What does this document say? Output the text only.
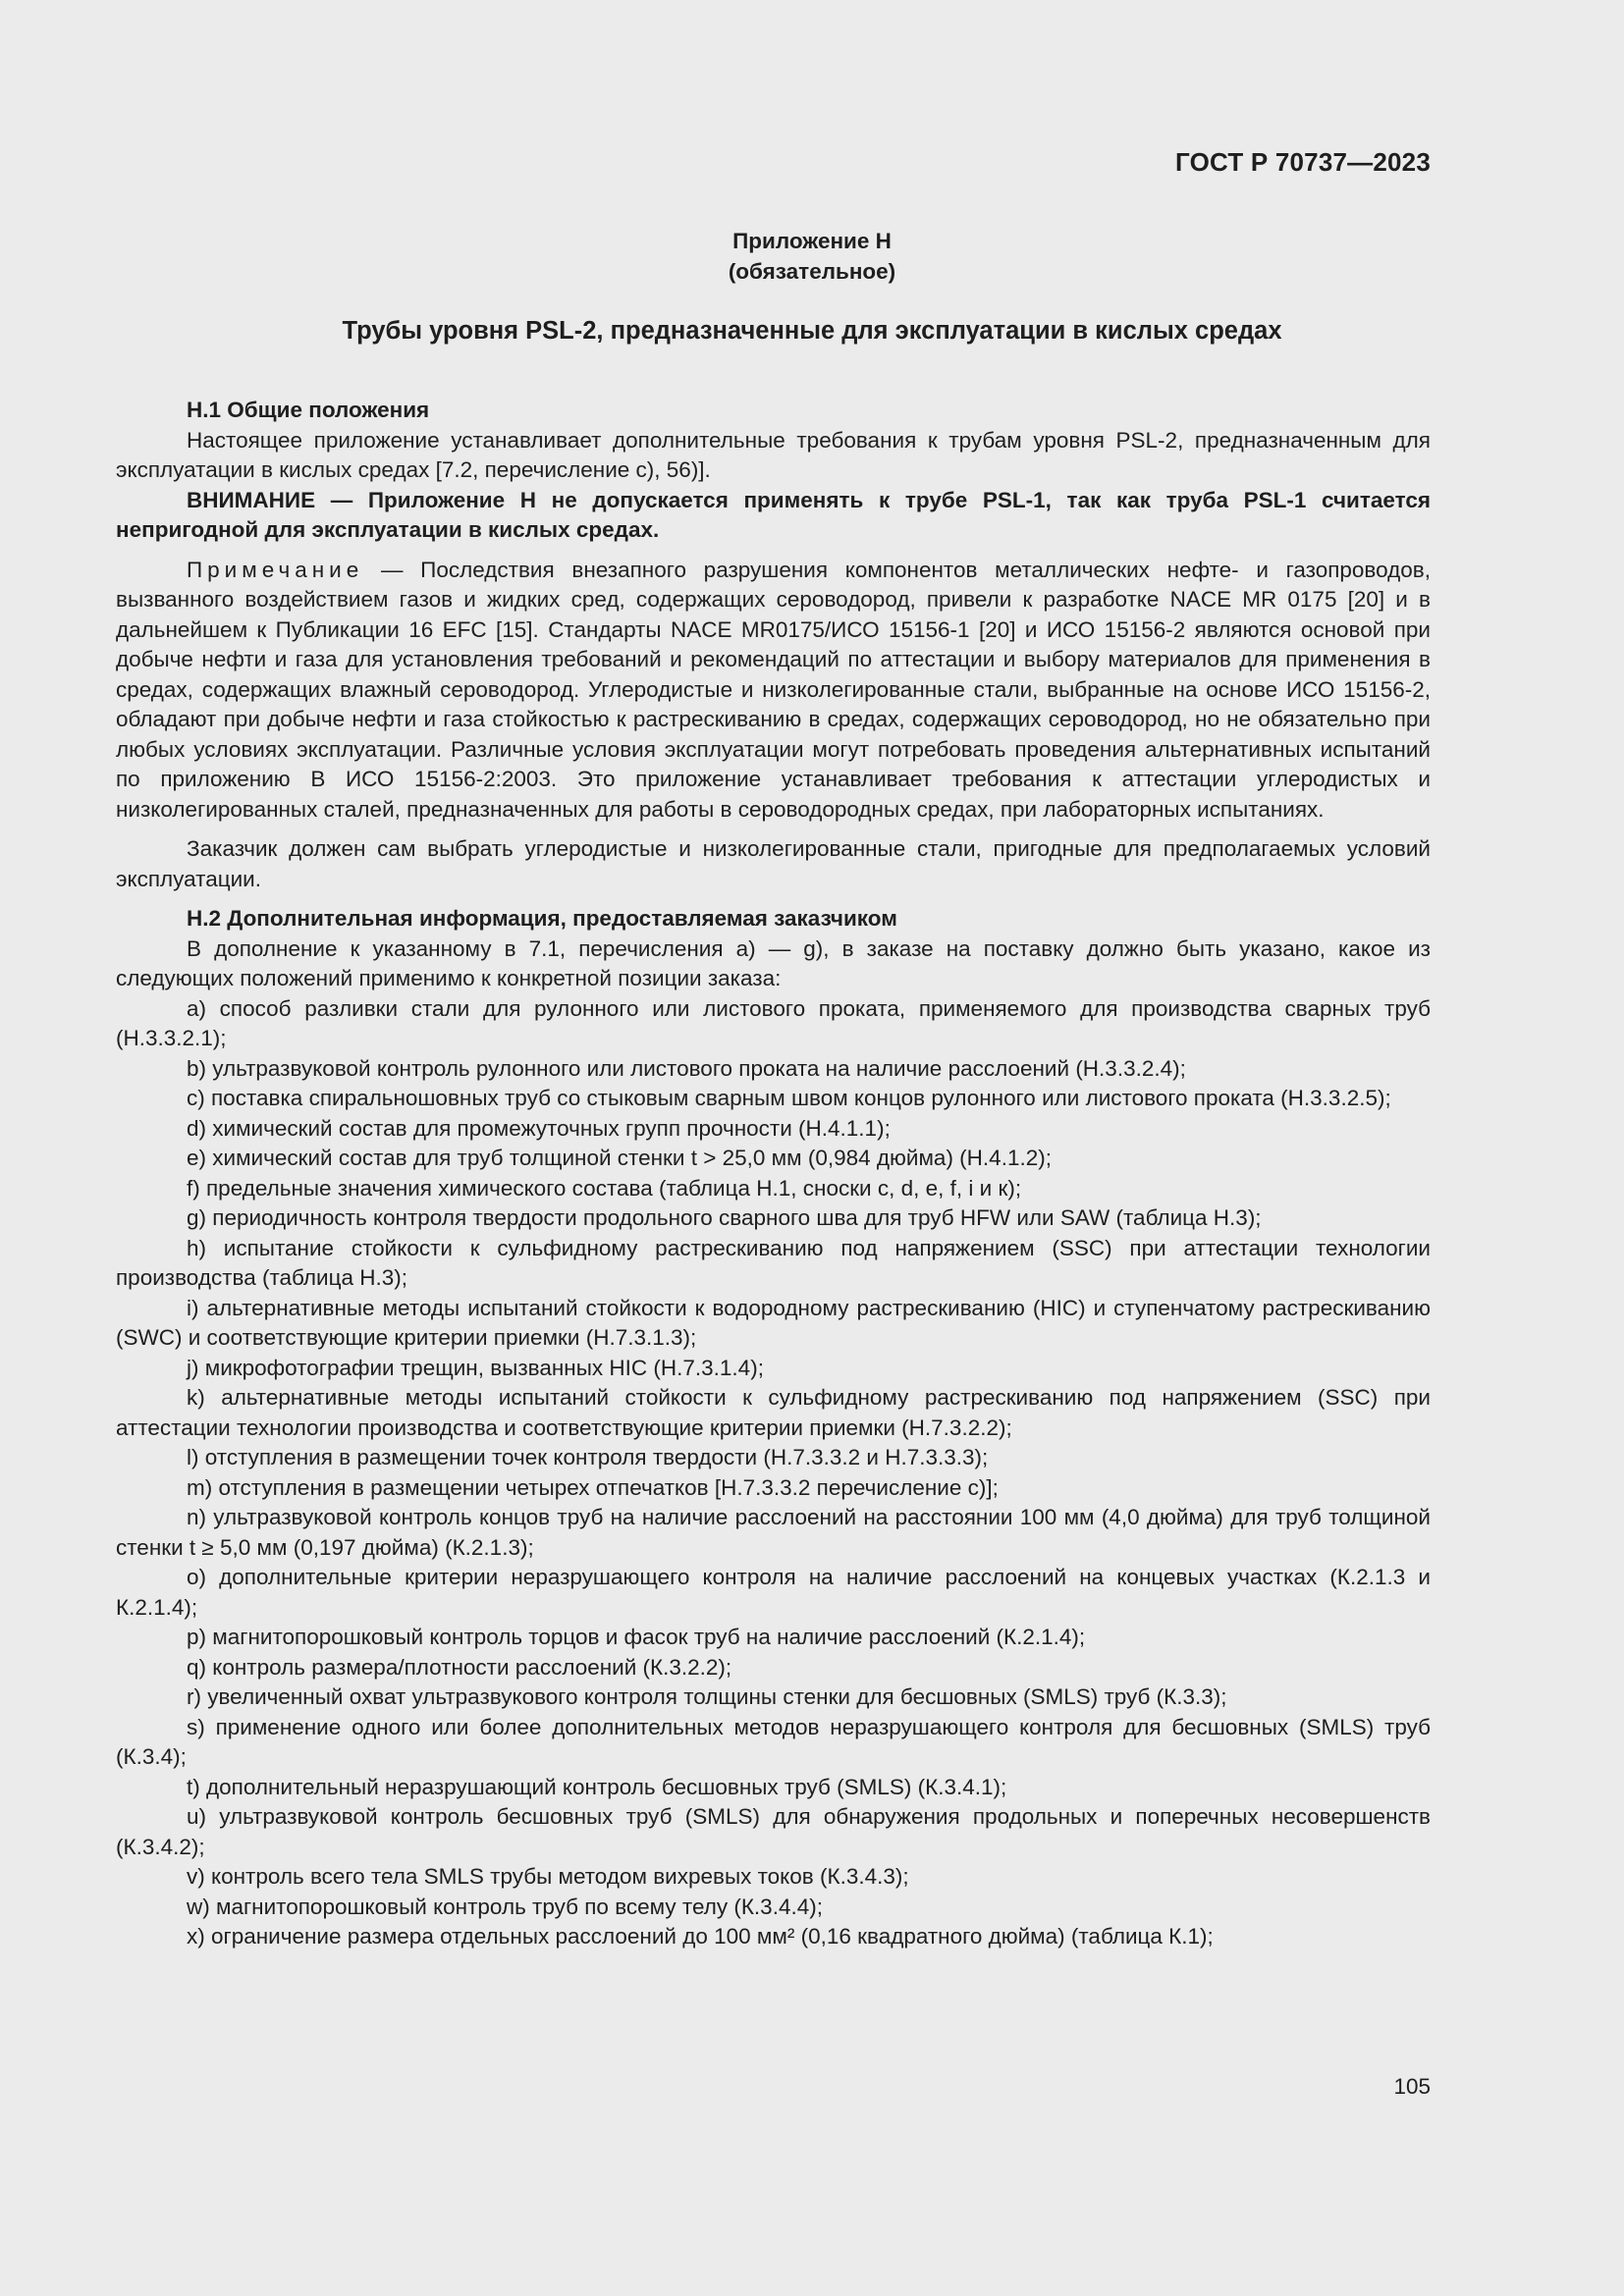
ГОСТ Р 70737—2023
Приложение Н
(обязательное)
Трубы уровня PSL-2, предназначенные для эксплуатации в кислых средах
Н.1 Общие положения

Настоящее приложение устанавливает дополнительные требования к трубам уровня PSL-2, предназначенным для эксплуатации в кислых средах [7.2, перечисление с), 56)].

ВНИМАНИЕ — Приложение Н не допускается применять к трубе PSL-1, так как труба PSL-1 считается непригодной для эксплуатации в кислых средах.

Примечание — Последствия внезапного разрушения компонентов металлических нефте- и газопроводов, вызванного воздействием газов и жидких сред, содержащих сероводород, привели к разработке NACE MR 0175 [20] и в дальнейшем к Публикации 16 EFC [15]. Стандарты NACE MR0175/ИСО 15156-1 [20] и ИСО 15156-2 являются основой при добыче нефти и газа для установления требований и рекомендаций по аттестации и выбору материалов для применения в средах, содержащих влажный сероводород. Углеродистые и низколегированные стали, выбранные на основе ИСО 15156-2, обладают при добыче нефти и газа стойкостью к растрескиванию в средах, содержащих сероводород, но не обязательно при любых условиях эксплуатации. Различные условия эксплуатации могут потребовать проведения альтернативных испытаний по приложению В ИСО 15156-2:2003. Это приложение устанавливает требования к аттестации углеродистых и низколегированных сталей, предназначенных для работы в сероводородных средах, при лабораторных испытаниях.

Заказчик должен сам выбрать углеродистые и низколегированные стали, пригодные для предполагаемых условий эксплуатации.

Н.2 Дополнительная информация, предоставляемая заказчиком

В дополнение к указанному в 7.1, перечисления а) — g), в заказе на поставку должно быть указано, какое из следующих положений применимо к конкретной позиции заказа:

a) способ разливки стали для рулонного или листового проката, применяемого для производства сварных труб (Н.3.3.2.1);

b) ультразвуковой контроль рулонного или листового проката на наличие расслоений (Н.3.3.2.4);

c) поставка спиральношовных труб со стыковым сварным швом концов рулонного или листового проката (Н.3.3.2.5);

d) химический состав для промежуточных групп прочности (Н.4.1.1);

e) химический состав для труб толщиной стенки t > 25,0 мм (0,984 дюйма) (Н.4.1.2);

f) предельные значения химического состава (таблица Н.1, сноски с, d, е, f, i и к);

g) периодичность контроля твердости продольного сварного шва для труб HFW или SAW (таблица Н.3);

h) испытание стойкости к сульфидному растрескиванию под напряжением (SSC) при аттестации технологии производства (таблица Н.3);

i) альтернативные методы испытаний стойкости к водородному растрескиванию (HIC) и ступенчатому растрескиванию (SWC) и соответствующие критерии приемки (Н.7.3.1.3);

j) микрофотографии трещин, вызванных HIC (Н.7.3.1.4);

k) альтернативные методы испытаний стойкости к сульфидному растрескиванию под напряжением (SSC) при аттестации технологии производства и соответствующие критерии приемки (Н.7.3.2.2);

l) отступления в размещении точек контроля твердости (Н.7.3.3.2 и Н.7.3.3.3);

m) отступления в размещении четырех отпечатков [Н.7.3.3.2 перечисление с)];

n) ультразвуковой контроль концов труб на наличие расслоений на расстоянии 100 мм (4,0 дюйма) для труб толщиной стенки t ≥ 5,0 мм (0,197 дюйма) (К.2.1.3);

o) дополнительные критерии неразрушающего контроля на наличие расслоений на концевых участках (К.2.1.3 и К.2.1.4);

p) магнитопорошковый контроль торцов и фасок труб на наличие расслоений (К.2.1.4);

q) контроль размера/плотности расслоений (К.3.2.2);

r) увеличенный охват ультразвукового контроля толщины стенки для бесшовных (SMLS) труб (К.3.3);

s) применение одного или более дополнительных методов неразрушающего контроля для бесшовных (SMLS) труб (К.3.4);

t) дополнительный неразрушающий контроль бесшовных труб (SMLS) (К.3.4.1);

u) ультразвуковой контроль бесшовных труб (SMLS) для обнаружения продольных и поперечных несовершенств (К.3.4.2);

v) контроль всего тела SMLS трубы методом вихревых токов (К.3.4.3);

w) магнитопорошковый контроль труб по всему телу (К.3.4.4);

x) ограничение размера отдельных расслоений до 100 мм² (0,16 квадратного дюйма) (таблица К.1);

105
